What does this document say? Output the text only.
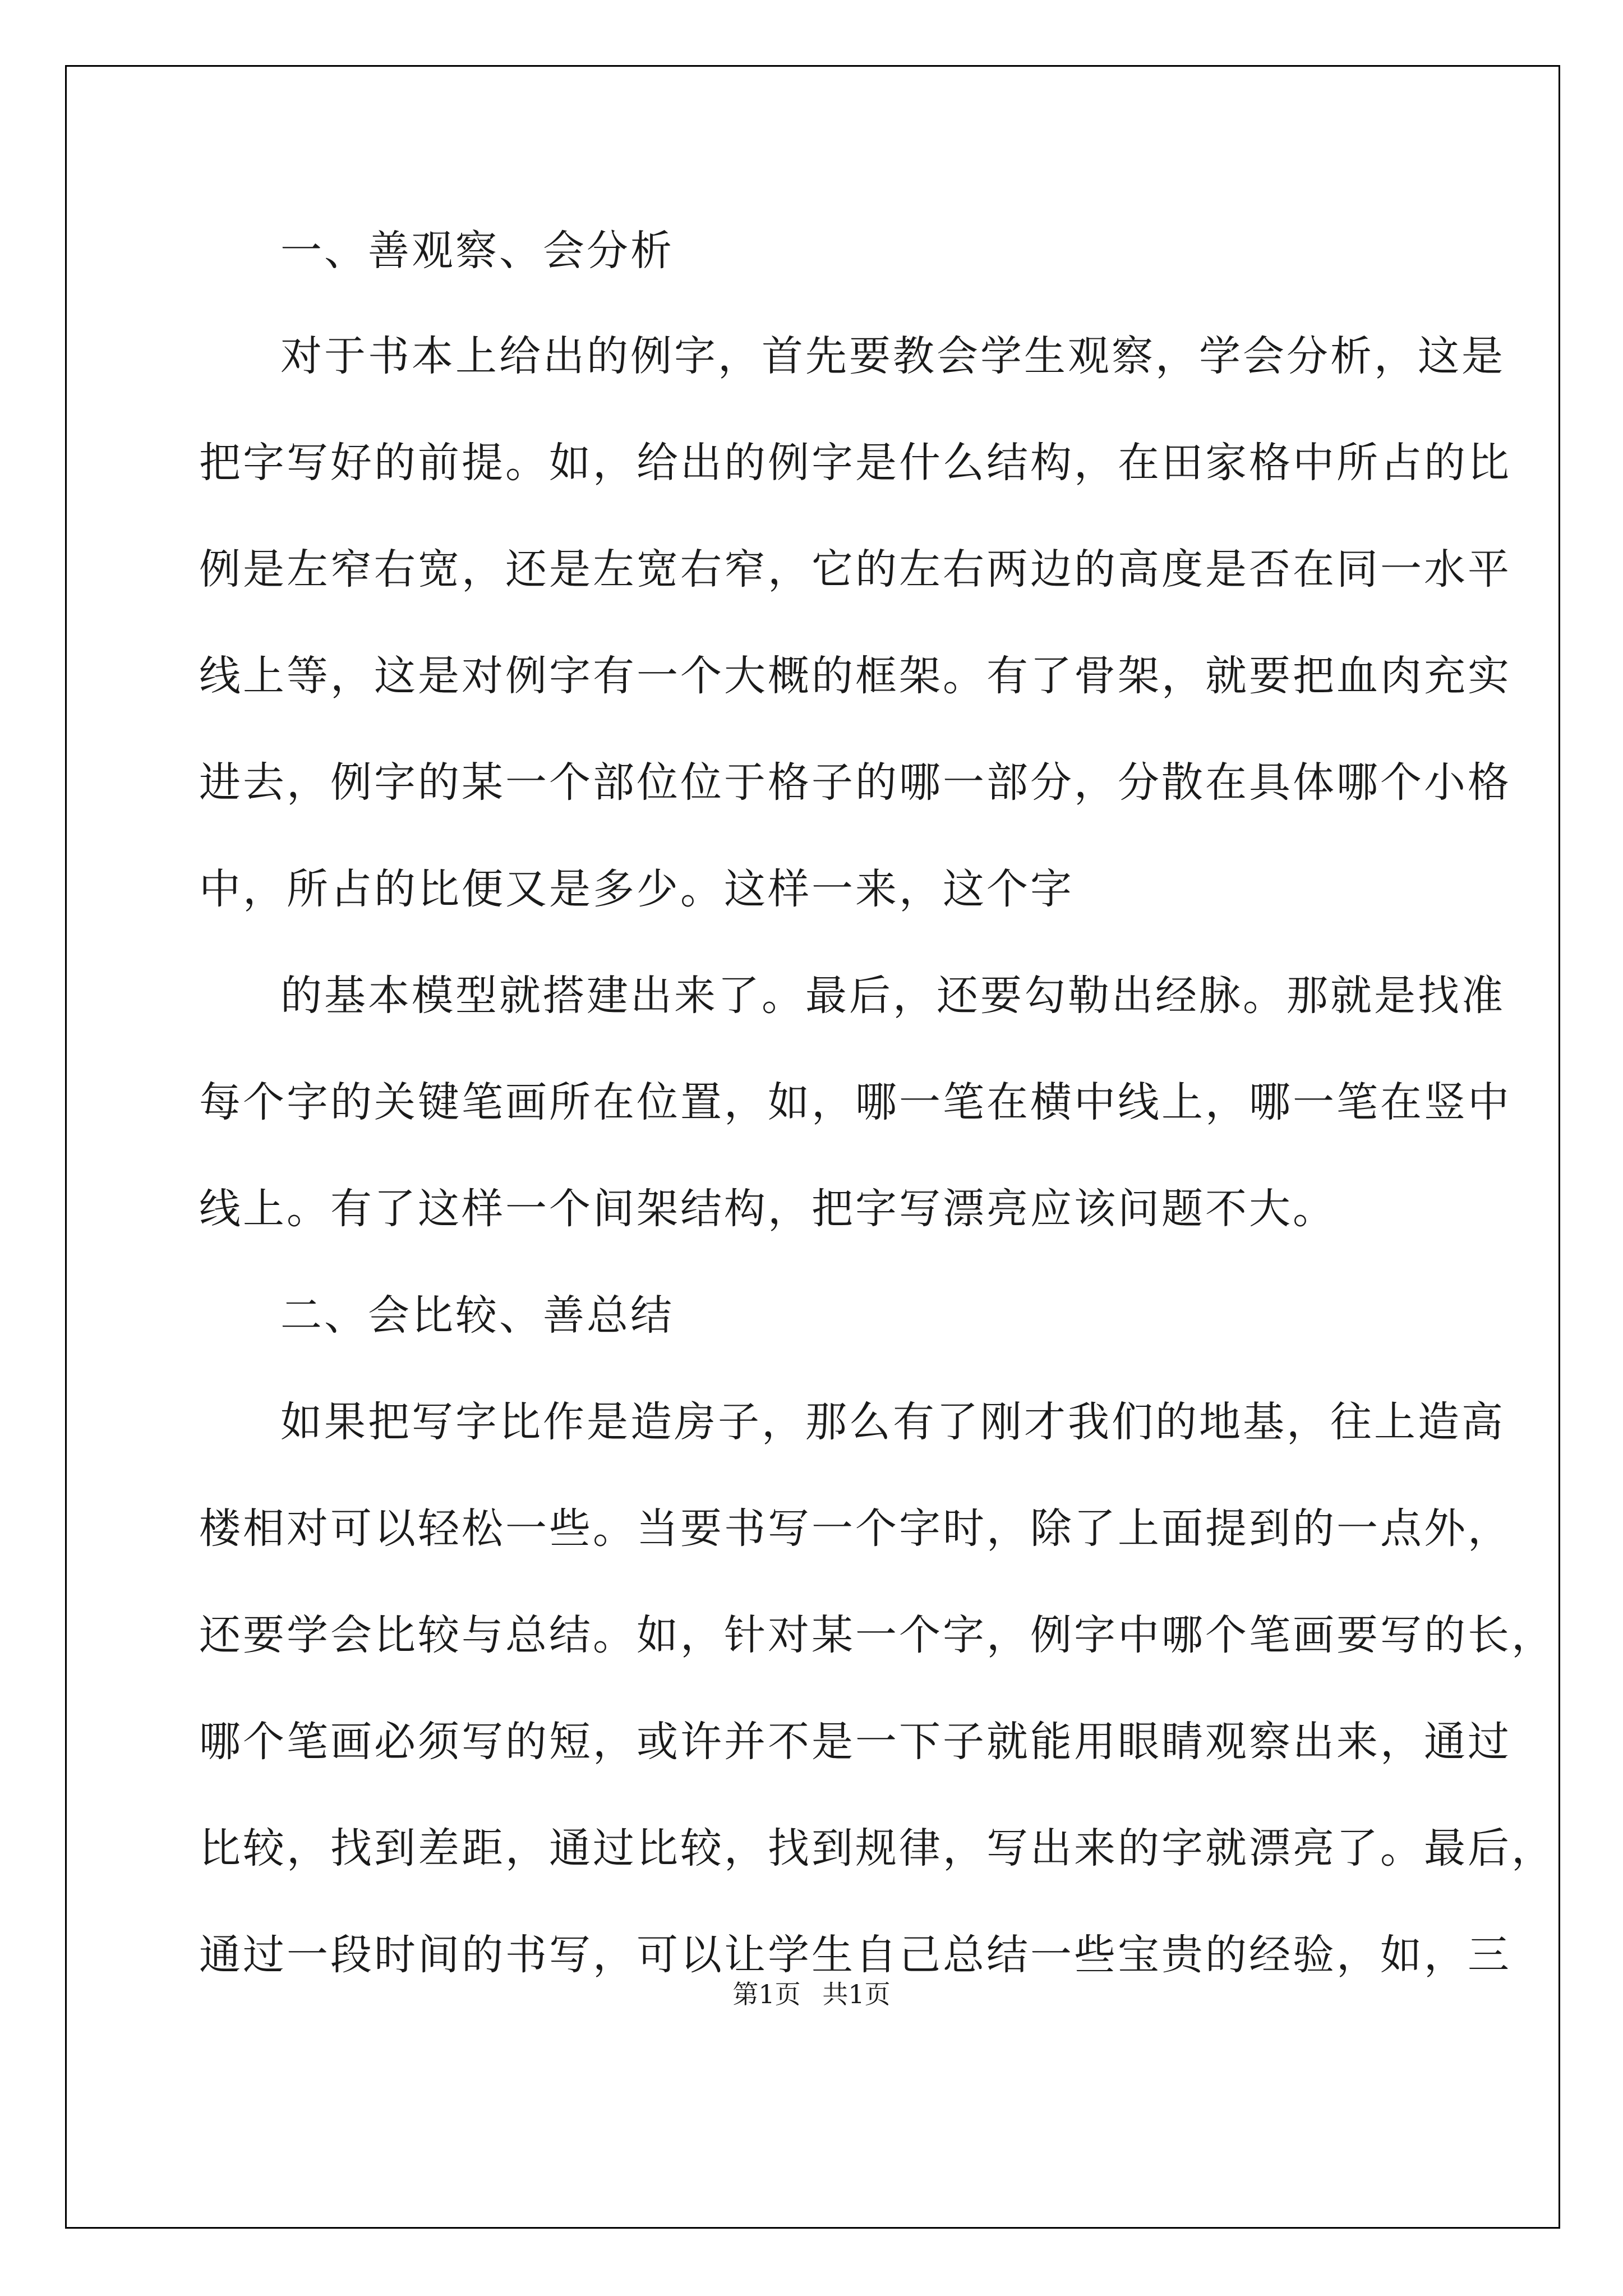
一、善观察、会分析

对于书本上给出的例字，首先要教会学生观察，学会分析，这是

把字写好的前提。如，给出的例字是什么结构，在田家格中所占的比

例是左窄右宽，还是左宽右窄，它的左右两边的高度是否在同一水平

线上等，这是对例字有一个大概的框架。有了骨架，就要把血肉充实

进去，例字的某一个部位位于格子的哪一部分，分散在具体哪个小格

中，所占的比便又是多少。这样一来，这个字

的基本模型就搭建出来了。最后，还要勾勒出经脉。那就是找准

每个字的关键笔画所在位置，如，哪一笔在横中线上，哪一笔在竖中

线上。有了这样一个间架结构，把字写漂亮应该问题不大。

二、会比较、善总结

如果把写字比作是造房子，那么有了刚才我们的地基，往上造高

楼相对可以轻松一些。当要书写一个字时，除了上面提到的一点外，

还要学会比较与总结。如，针对某一个字，例字中哪个笔画要写的长，

哪个笔画必须写的短，或许并不是一下子就能用眼睛观察出来，通过

比较，找到差距，通过比较，找到规律，写出来的字就漂亮了。最后，

通过一段时间的书写，可以让学生自己总结一些宝贵的经验，如，三

第1页 共1页
